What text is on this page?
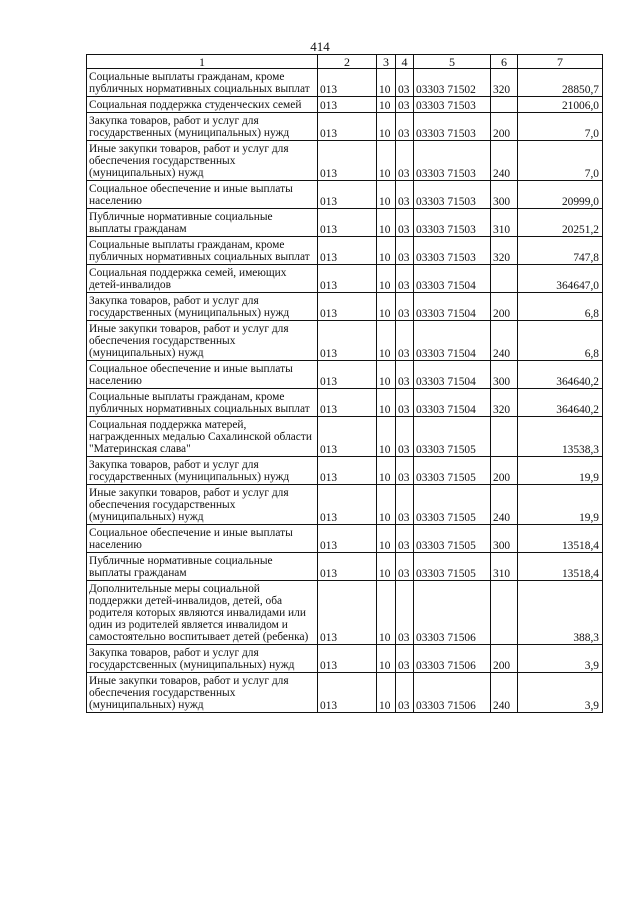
414
1	2	3	4	5	6	7
Социальные выплаты гражданам, кроме публичных нормативных социальных выплат	013	10	03	03303 71502	320	28850,7
Социальная поддержка студенческих семей	013	10	03	03303 71503		21006,0
Закупка товаров, работ и услуг для государственных (муниципальных) нужд	013	10	03	03303 71503	200	7,0
Иные закупки товаров, работ и услуг для обеспечения государственных (муниципальных) нужд	013	10	03	03303 71503	240	7,0
Социальное обеспечение и иные выплаты населению	013	10	03	03303 71503	300	20999,0
Публичные нормативные социальные выплаты гражданам	013	10	03	03303 71503	310	20251,2
Социальные выплаты гражданам, кроме публичных нормативных социальных выплат	013	10	03	03303 71503	320	747,8
Социальная поддержка семей, имеющих детей-инвалидов	013	10	03	03303 71504		364647,0
Закупка товаров, работ и услуг для государственных (муниципальных) нужд	013	10	03	03303 71504	200	6,8
Иные закупки товаров, работ и услуг для обеспечения государственных (муниципальных) нужд	013	10	03	03303 71504	240	6,8
Социальное обеспечение и иные выплаты населению	013	10	03	03303 71504	300	364640,2
Социальные выплаты гражданам, кроме публичных нормативных социальных выплат	013	10	03	03303 71504	320	364640,2
Социальная поддержка матерей, награжденных медалью Сахалинской области "Материнская слава"	013	10	03	03303 71505		13538,3
Закупка товаров, работ и услуг для государственных (муниципальных) нужд	013	10	03	03303 71505	200	19,9
Иные закупки товаров, работ и услуг для обеспечения государственных (муниципальных) нужд	013	10	03	03303 71505	240	19,9
Социальное обеспечение и иные выплаты населению	013	10	03	03303 71505	300	13518,4
Публичные нормативные социальные выплаты гражданам	013	10	03	03303 71505	310	13518,4
Дополнительные меры социальной поддержки детей-инвалидов, детей, оба родителя которых являются инвалидами или один из родителей является инвалидом и самостоятельно воспитывает детей (ребенка)	013	10	03	03303 71506		388,3
Закупка товаров, работ и услуг для государстсвенных (муниципальных) нужд	013	10	03	03303 71506	200	3,9
Иные закупки товаров, работ и услуг для обеспечения государственных (муниципальных) нужд	013	10	03	03303 71506	240	3,9
